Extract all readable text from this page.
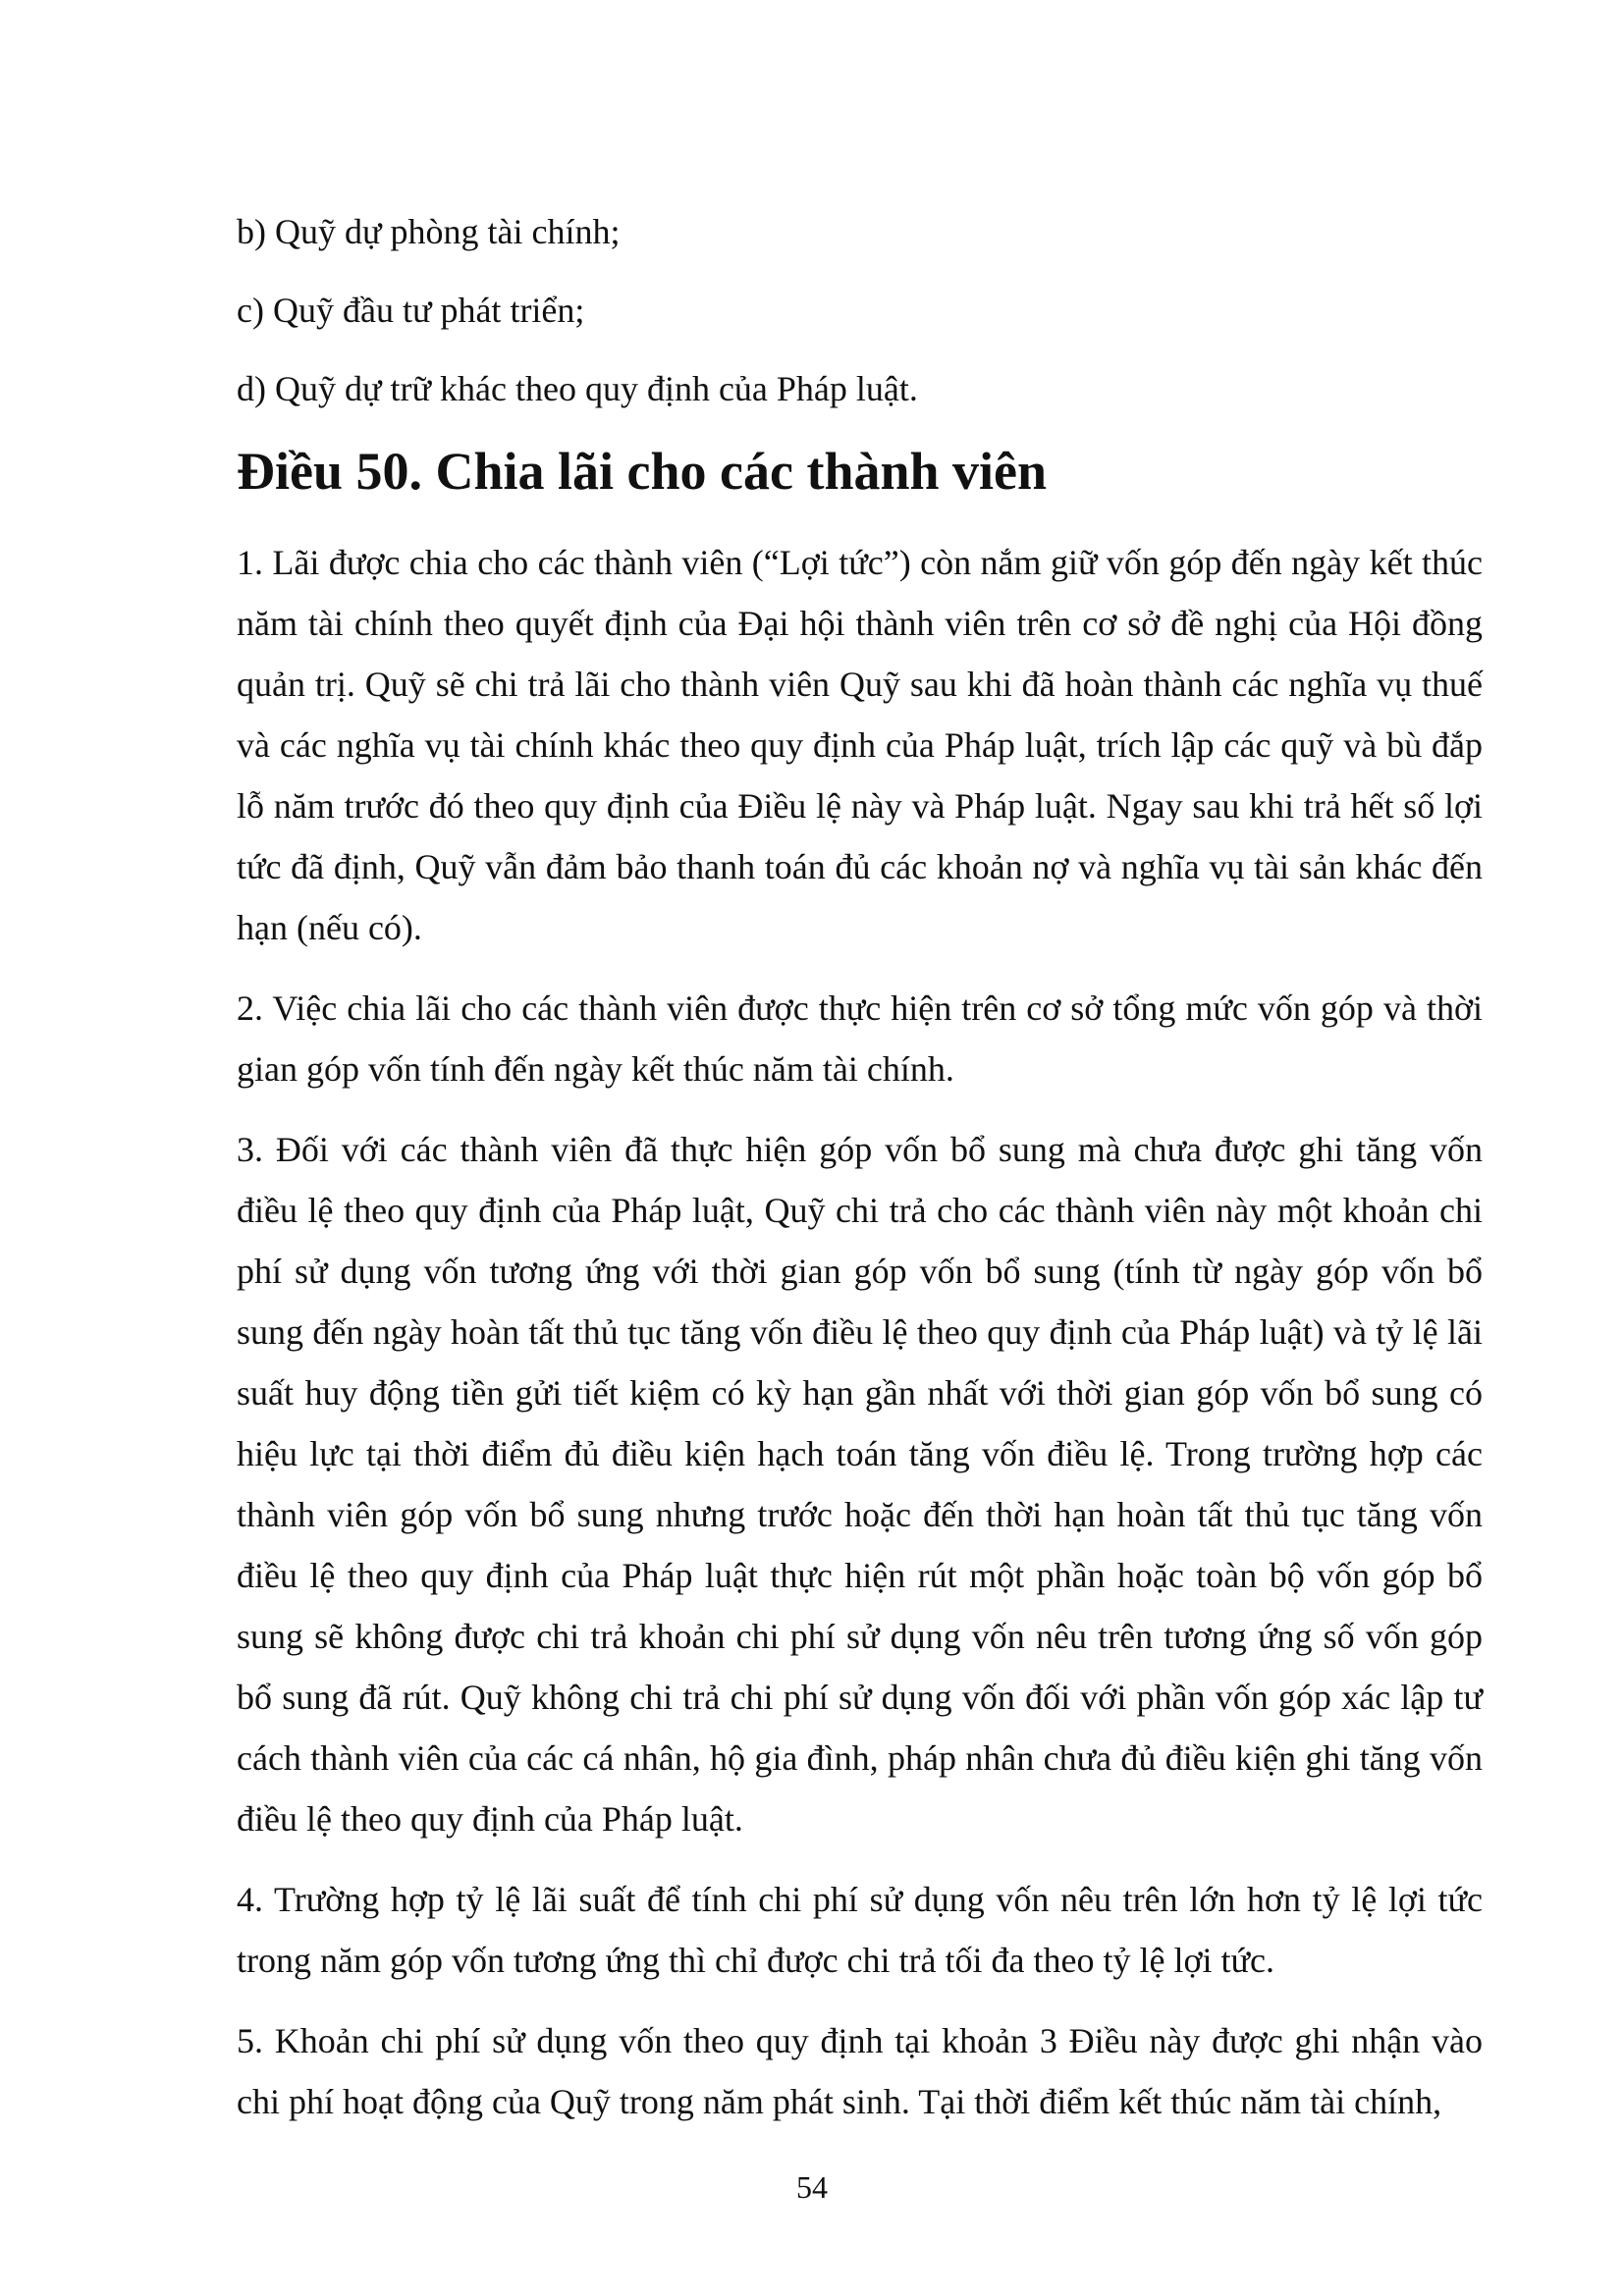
b) Quỹ dự phòng tài chính;

c) Quỹ đầu tư phát triển;

d) Quỹ dự trữ khác theo quy định của Pháp luật.

Điều 50. Chia lãi cho các thành viên

1. Lãi được chia cho các thành viên (“Lợi tức”) còn nắm giữ vốn góp đến ngày kết thúc năm tài chính theo quyết định của Đại hội thành viên trên cơ sở đề nghị của Hội đồng quản trị. Quỹ sẽ chi trả lãi cho thành viên Quỹ sau khi đã hoàn thành các nghĩa vụ thuế và các nghĩa vụ tài chính khác theo quy định của Pháp luật, trích lập các quỹ và bù đắp lỗ năm trước đó theo quy định của Điều lệ này và Pháp luật. Ngay sau khi trả hết số lợi tức đã định, Quỹ vẫn đảm bảo thanh toán đủ các khoản nợ và nghĩa vụ tài sản khác đến hạn (nếu có).

2. Việc chia lãi cho các thành viên được thực hiện trên cơ sở tổng mức vốn góp và thời gian góp vốn tính đến ngày kết thúc năm tài chính.

3. Đối với các thành viên đã thực hiện góp vốn bổ sung mà chưa được ghi tăng vốn điều lệ theo quy định của Pháp luật, Quỹ chi trả cho các thành viên này một khoản chi phí sử dụng vốn tương ứng với thời gian góp vốn bổ sung (tính từ ngày góp vốn bổ sung đến ngày hoàn tất thủ tục tăng vốn điều lệ theo quy định của Pháp luật) và tỷ lệ lãi suất huy động tiền gửi tiết kiệm có kỳ hạn gần nhất với thời gian góp vốn bổ sung có hiệu lực tại thời điểm đủ điều kiện hạch toán tăng vốn điều lệ. Trong trường hợp các thành viên góp vốn bổ sung nhưng trước hoặc đến thời hạn hoàn tất thủ tục tăng vốn điều lệ theo quy định của Pháp luật thực hiện rút một phần hoặc toàn bộ vốn góp bổ sung sẽ không được chi trả khoản chi phí sử dụng vốn nêu trên tương ứng số vốn góp bổ sung đã rút. Quỹ không chi trả chi phí sử dụng vốn đối với phần vốn góp xác lập tư cách thành viên của các cá nhân, hộ gia đình, pháp nhân chưa đủ điều kiện ghi tăng vốn điều lệ theo quy định của Pháp luật.

4. Trường hợp tỷ lệ lãi suất để tính chi phí sử dụng vốn nêu trên lớn hơn tỷ lệ lợi tức trong năm góp vốn tương ứng thì chỉ được chi trả tối đa theo tỷ lệ lợi tức.

5. Khoản chi phí sử dụng vốn theo quy định tại khoản 3 Điều này được ghi nhận vào chi phí hoạt động của Quỹ trong năm phát sinh. Tại thời điểm kết thúc năm tài chính,

54
